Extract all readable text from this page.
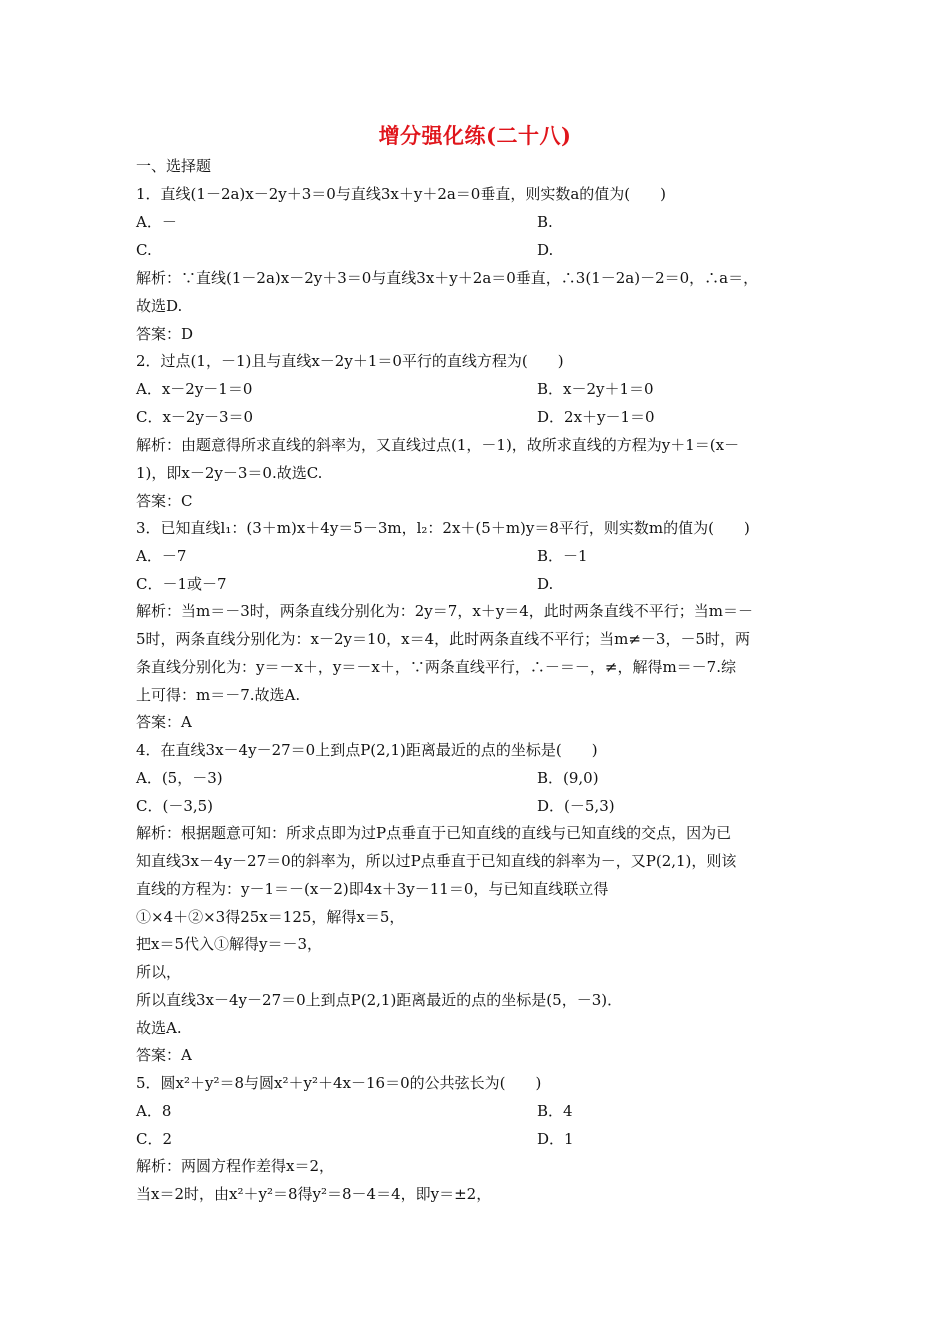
增分强化练(二十八)
一、选择题
1．直线(1－2a)x－2y＋3＝0与直线3x＋y＋2a＝0垂直，则实数a的值为(　　)
A．－	B.
C.	D.
解析：∵直线(1－2a)x－2y＋3＝0与直线3x＋y＋2a＝0垂直，∴3(1－2a)－2＝0，∴a＝，
故选D.
答案：D
2．过点(1，－1)且与直线x－2y＋1＝0平行的直线方程为(　　)
A．x－2y－1＝0	B．x－2y＋1＝0
C．x－2y－3＝0	D．2x＋y－1＝0
解析：由题意得所求直线的斜率为，又直线过点(1，－1)，故所求直线的方程为y＋1＝(x－
1)，即x－2y－3＝0.故选C.
答案：C
3．已知直线l₁：(3＋m)x＋4y＝5－3m，l₂：2x＋(5＋m)y＝8平行，则实数m的值为(　　)
A．－7	B．－1
C．－1或－7	D.
解析：当m＝－3时，两条直线分别化为：2y＝7，x＋y＝4，此时两条直线不平行；当m＝－
5时，两条直线分别化为：x－2y＝10，x＝4，此时两条直线不平行；当m≠－3，－5时，两
条直线分别化为：y＝－x＋，y＝－x＋，∵两条直线平行，∴－＝－，≠，解得m＝－7.综
上可得：m＝－7.故选A.
答案：A
4．在直线3x－4y－27＝0上到点P(2,1)距离最近的点的坐标是(　　)
A．(5，－3)	B．(9,0)
C．(－3,5)	D．(－5,3)
解析：根据题意可知：所求点即为过P点垂直于已知直线的直线与已知直线的交点，因为已
知直线3x－4y－27＝0的斜率为，所以过P点垂直于已知直线的斜率为－，又P(2,1)，则该
直线的方程为：y－1＝－(x－2)即4x＋3y－11＝0，与已知直线联立得
①×4＋②×3得25x＝125，解得x＝5，
把x＝5代入①解得y＝－3，
所以，
所以直线3x－4y－27＝0上到点P(2,1)距离最近的点的坐标是(5，－3)．
故选A.
答案：A
5．圆x²＋y²＝8与圆x²＋y²＋4x－16＝0的公共弦长为(　　)
A．8	B．4
C．2	D．1
解析：两圆方程作差得x＝2，
当x＝2时，由x²＋y²＝8得y²＝8－4＝4，即y＝±2，
